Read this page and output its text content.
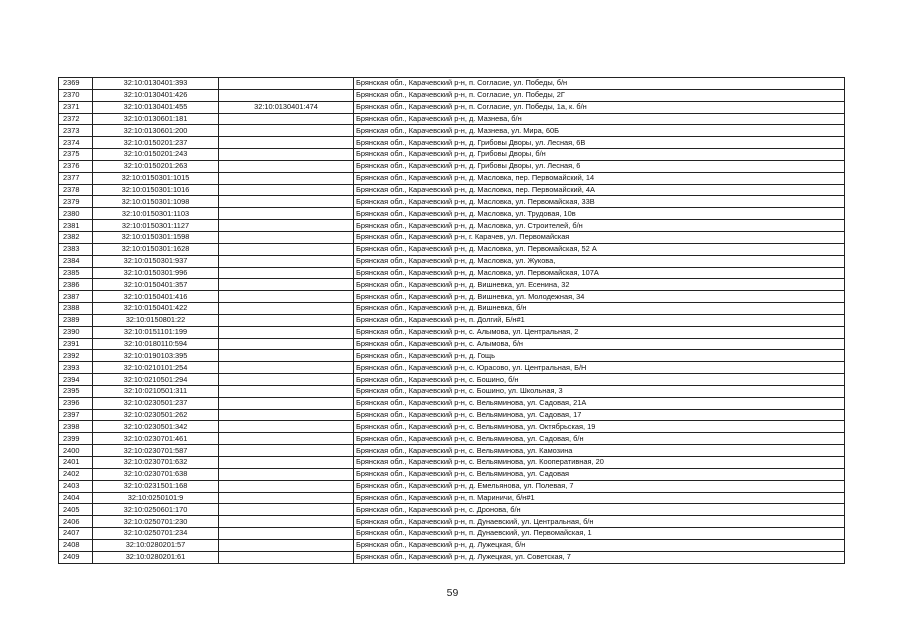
2369	32:10:0130401:393		Брянская обл., Карачевский р-н, п. Согласие, ул. Победы, б/н
2370	32:10:0130401:426		Брянская обл., Карачевский р-н, п. Согласие, ул. Победы, 2Г
2371	32:10:0130401:455	32:10:0130401:474	Брянская обл., Карачевский р-н, п. Согласие, ул. Победы, 1а, к. б/н
2372	32:10:0130601:181		Брянская обл., Карачевский р-н, д. Мазнева, б/н
2373	32:10:0130601:200		Брянская обл., Карачевский р-н, д. Мазнева, ул. Мира, 60Б
2374	32:10:0150201:237		Брянская обл., Карачевский р-н, д. Грибовы Дворы, ул. Лесная, 6В
2375	32:10:0150201:243		Брянская обл., Карачевский р-н, д. Грибовы Дворы, б/н
2376	32:10:0150201:263		Брянская обл., Карачевский р-н, д. Грибовы Дворы, ул. Лесная, 6
2377	32:10:0150301:1015		Брянская обл., Карачевский р-н, д. Масловка, пер. Первомайский, 14
2378	32:10:0150301:1016		Брянская обл., Карачевский р-н, д. Масловка, пер. Первомайский, 4А
2379	32:10:0150301:1098		Брянская обл., Карачевский р-н, д. Масловка, ул. Первомайская, 33В
2380	32:10:0150301:1103		Брянская обл., Карачевский р-н, д. Масловка, ул. Трудовая, 10в
2381	32:10:0150301:1127		Брянская обл., Карачевский р-н, д. Масловка, ул. Строителей, б/н
2382	32:10:0150301:1598		Брянская обл., Карачевский р-н, г. Карачев, ул. Первомайская
2383	32:10:0150301:1628		Брянская обл., Карачевский р-н, д. Масловка, ул. Первомайская, 52 А
2384	32:10:0150301:937		Брянская обл., Карачевский р-н, д. Масловка, ул. Жукова,
2385	32:10:0150301:996		Брянская обл., Карачевский р-н, д. Масловка, ул. Первомайская, 107А
2386	32:10:0150401:357		Брянская обл., Карачевский р-н, д. Вишневка, ул. Есенина, 32
2387	32:10:0150401:416		Брянская обл., Карачевский р-н, д. Вишневка, ул. Молодежная, 34
2388	32:10:0150401:422		Брянская обл., Карачевский р-н, д. Вишневка, б/н
2389	32:10:0150801:22		Брянская обл., Карачевский р-н, п. Долгий, Б/н#1
2390	32:10:0151101:199		Брянская обл., Карачевский р-н, с. Алымова, ул. Центральная, 2
2391	32:10:0180110:594		Брянская обл., Карачевский р-н, с. Алымова, б/н
2392	32:10:0190103:395		Брянская обл., Карачевский р-н, д. Гощь
2393	32:10:0210101:254		Брянская обл., Карачевский р-н, с. Юрасово, ул. Центральная, Б/Н
2394	32:10:0210501:294		Брянская обл., Карачевский р-н, с. Бошино, б/н
2395	32:10:0210501:311		Брянская обл., Карачевский р-н, с. Бошино, ул. Школьная, 3
2396	32:10:0230501:237		Брянская обл., Карачевский р-н, с. Вельяминова, ул. Садовая, 21А
2397	32:10:0230501:262		Брянская обл., Карачевский р-н, с. Вельяминова, ул. Садовая, 17
2398	32:10:0230501:342		Брянская обл., Карачевский р-н, с. Вельяминова, ул. Октябрьская, 19
2399	32:10:0230701:461		Брянская обл., Карачевский р-н, с. Вельяминова, ул. Садовая, б/н
2400	32:10:0230701:587		Брянская обл., Карачевский р-н, с. Вельяминова, ул. Камозина
2401	32:10:0230701:632		Брянская обл., Карачевский р-н, с. Вельяминова, ул. Кооперативная, 20
2402	32:10:0230701:638		Брянская обл., Карачевский р-н, с. Вельяминова, ул. Садовая
2403	32:10:0231501:168		Брянская обл., Карачевский р-н, д. Емельянова, ул. Полевая, 7
2404	32:10:0250101:9		Брянская обл., Карачевский р-н, п. Мариничи, б/н#1
2405	32:10:0250601:170		Брянская обл., Карачевский р-н, с. Дронова, б/н
2406	32:10:0250701:230		Брянская обл., Карачевский р-н, п. Дунаевский, ул. Центральная, б/н
2407	32:10:0250701:234		Брянская обл., Карачевский р-н, п. Дунаевский, ул. Первомайская, 1
2408	32:10:0280201:57		Брянская обл., Карачевский р-н, д. Лужецкая, б/н
2409	32:10:0280201:61		Брянская обл., Карачевский р-н, д. Лужецкая, ул. Советская, 7
59
